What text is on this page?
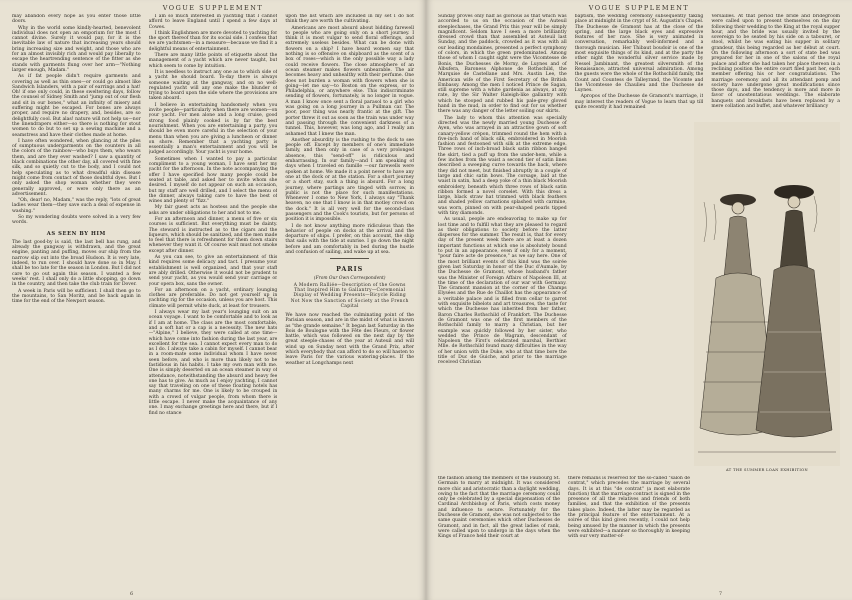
VOGUE SUPPLEMENT

may abandon every hope as you enter those little doors.

Why in the world some kindly-hearted, benevolent individual does not open an emporium for the most I cannot divine. Surely it would pay, for it is the inevitable law of nature that increasing years should bring increasing size and weight, and those who are for an almost invisibly rich and would pay liberally to escape the heartrending sentence of the fitter as she stands with garments flung over her arm—"Nothing larger enough, Madam."

As if fat people didn't require garments and covering as well as thin ones—or could go almost like Sandwich Islanders, with a pair of earrings and a hat! Oh! if one only could, in these sweltering days, follow the counsel of Sidney Smith and "jump out of our flesh and sit in our bones," what an infinity of misery and suffering might be escaped. For bones are always proper, and require no drapery, and, besides, are so delightfully cool. But alas! nature will not help us—nor the linendrapers either—so there is nothing for stout women to do but to set up a sewing machine and a seamstress and have their clothes made at home.

I have often wondered, when glancing at the piles of sumptuous undergarments on the counters in all the colors of the rainbow—who buys them, who wears them, and are they ever washed? I saw a quantity of black combinations the other day, all covered with fine silk, and so quietly cut to the body, and I could not help speculating as to what dreadful skin disease might come from contact of those doubtful dyes. But I only asked the shop woman whether they were generally approved, or were only there as an advertisement.

"Oh, dear! no, Madam," was the reply, "lots of great ladies wear them—they save such a deal of expense in washing."

So my wondering doubts were solved in a very few words.

AS SEEN BY HIM

The last good-by is said, the last bell has rung, and already the gangway is withdrawn, and the great engine, panting and puffing, moves our ship from the narrow slip out into the broad Hudson. It is very late, indeed, to run over. I should have done so in May. I shall be too late for the season in London. But I did not care to go out again this season. I wanted a few weeks' rest. I shall only do a little shopping, go down in the country, and then take the club train for Dover.

A week in Paris will be sufficient. I shall then go to the mountains, to San Moritz, and be back again in time for the end of the Newport season.

I am so much interested in yachting that I cannot afford to leave England until I spend a few days at Cowes.

I think Englishmen are more devoted to yachting for the sport thereof than for its social side. I confess that we are yachtsmen—in a measure—because we find it a delightful means of entertainment.

There are many little points of etiquette about the management of a yacht which are never taught, but which seem to come by intuition.

It is needless to instruct any one as to which side of a yacht he should board. To-day there is always someone waiting at the gangway, and on no well-regulated yacht will any one make the blunder of trying to board upon the side where the provisions are taken aboard.

I believe in entertaining handsomely when you invite people—particularly when there are women—on your yacht. For men alone and a long cruise, good strong food plainly cooked is by far the best nourishment. When you are entertaining a party, you should be even more careful in the selection of your menu than when you are giving a luncheon or dinner on shore. Remember that a yachting party is essentially a man's entertainment and you will be judged accordingly. Your yacht is your home.

Sometimes when I wanted to pay a particular compliment to a young woman, I have sent her my yacht for the afternoon. In the note accompanying the offer I have specified how many people could be seated at table, and asked her to invite whom she desired. I myself do not appear on such an occasion, but my staff are well drilled, and I select the menu of the dinner, always taking care to have the best of wines and plenty of "fizz."

My fair guest acts as hostess and the people she asks are under obligations to her and not to me.

For an afternoon and dinner, a menu of five or six courses is sufficient. But everything must be dainty. The steward is instructed as to the cigars and the liqueurs, which should be sanitized, and the men made to feel that there is refreshment for them down stairs whenever they want it. Of course wait must not smoke except after dinner.

As you can see, to give an entertainment of this kind requires some delicacy and tact. I presume your establishment is well organized, and that your staff are ably drilled. Otherwise it would not be prudent to send your yacht, as you would send your carriage or your opera box, sans the owner.

For an afternoon on a yacht, ordinary lounging clothes are preferable. Do not get yourself up in yachting rig for the occasion, unless you are host. This climate will permit white duck, at least for trousers.

I always wear my last year's lounging suit on an ocean voyage. I want to be comfortable and to look as if I am at home. The class are the most comfortable, and a soft hat or a cap is a necessity. The new hats—"Alpine," I believe, they were called at one time—which have come into fashion during the last year, are excellent for the sea. I cannot expect every man to do as I do. I always take a cabin for myself. I cannot bear in a room-mate some individual whom I have never seen before, and who is more than likely not to be fastidious in his habits. I take my own man with me. One is simply deserted on an ocean steamer in way of attendance, notwithstanding the absurd and heavy fee one has to give. As much as I enjoy yachting, I cannot say that traveling on one of these floating hotels has many charms for me. One is likely to be crouped in with a crowd of vulgar people, from whom there is little escape. I never make the acquaintance of any one. I may exchange greetings here and there, but if I find no stance

upon the list which are included in my set I do not think they are worth the cultivating.

Americans are most absurd about bidding farewell to people who are going only on a short journey. I think it is most vulgar to send floral offerings, and extremely useless besides. What can be done with flowers on a ship? I have heard women say that nothing is so offensive on shipboard as the scent of a box of roses—which is the only possible way a lady could receive flowers. The close atmosphere of an ocean steamer makes flowers unbearable. The air becomes heavy and unhealthy with their perfume. One does not burden a woman with flowers when she is going—let me say—to Boston on the express, or to Philadelphia, or anywhere else. This indiscriminate sending of flowers, fortunately, is no longer in vogue. A man I know once sent a floral parasol to a girl who was going on a long journey in a Pullman car. The poor, poor thing was nearly frantic at the gift. The porter threw it out as soon as the train was under way and passing through the convenient darkness of a tunnel. This, however, was long ago, and I really am ashamed that I knew the man.

Another absurdity is the rushing to the dock to see people off. Except by members of one's immediate family, and then only in case of a very prolonged absence, this "send-off" is ridiculous and embarrassing. In our family—and I am speaking of days when I traveled en famille —our farewells were spoken at home. We made it a point never to have any one at the dock or at the station. For a short journey or a short stay, such a thing is absurd. For a long journey, where partings are tinged with sorrow, in public is not the place for such manifestations. Whenever I come to New York, I always say "Thank heaven, no one that I know is in that motley crowd on the dock." It is all very well for the second-class passengers and the Cook's tourists, but for persons of position it is impossible.

I do not know anything more ridiculous than the behavior of people on docks at the arrival and the departure of ships. I prefer, on this account, the ship that sails with the tide at sunrise. I go down the night before and am comfortably in bed during the hustle and confusion of sailing, and wake up at sea.

PARIS
(From Our Own Correspondent)
A Modern Ralliée—Description of the Gowns That Inspired Him to Gallantry—Ceremonial Display of Wedding Presents—Bicycle Riding Not Now the Sanction of Society at the French Capital

We have now reached the culminating point of the Parisian season, and are in the midst of what is known as "the grande semaine." It began last Saturday in the Bois de Boulogne with the Fête des Fleurs, or flower battle, which was followed on the next day by the great steeple-chases of the year at Auteuil and will wind up on Sunday next with the Grand Prix, after which everybody that can afford to do so will hasten to leave Paris for the various watering-places. If the weather at Longchamps next

6
VOGUE SUPPLEMENT

Sunday proves only half as glorious as that which was accorded to us on the occasion of the Auteuil steeplechases, the Grand Prix this year will be simply magnificent. Seldom have I seen a more brilliantly dressed crowd than that assembled at Auteuil last Sunday, and the paddock, crowded as it was with all our leading mondaines, presented a perfect symphony of colors, in which the green predominated. Among those of whom I caught sight were the Vicomtesse de Bonis, the Duchesses de Morny, de Luynes and of Albufera, Baroness Alphonse de Rothschild, the Marquise de Castellane and Mrs. Austin Lee, the American wife of the First Secretary of the British Embassy. Among the men I noticed Prince de Sagan, still supreme with a white gardenia as always, at any rate, by the Sir Walter Raleigh-like gallantry with which he stooped and rubbed his pale-grey gloved hand in the mud, in order to find out for us whether there was any danger of the letter soiling our skirts.

The lady to whom this attention was specially directed was the newly married young Duchesse of Ayen, who was arrayed in an attractive gown of soft canary-yellow crépon, trimmed round the hem with a five-inch band of black silk, embroidered in Moorish fashion and festooned with silk at the extreme edge. Three rows of inch-broad black satin ribbon banged the skirt, tied a puff up from the under-hem, while a few inches from the waist a second tier of satin lines described a sweeping curve towards the back, where they did not meet, but finished abruptly in a couple of large and chic satin bows. The corsage, laid at the waist in satin, had a deep yoke of a thin black Moorish embroidery, beneath which three rows of black satin ribbon formed a novel corselet. With this dress a large, black straw hat trimmed with black feathers and shaded yellow carnations splashed with carmine, was worn, pinned on with pear-shaped pearls tipped with tiny diamonds.

As usual, people are endeavoring to make up for lost time and to fulfill what they are pleased to regard as their obligations to society before the latter disperses for the summer. The result is, that for every day of the present week there are at least a dozen important functions at which one is absolutely bound to put in an appearance, even if only for a moment, "pour faire acte de presence," as we say here. One of the most brilliant events of this kind was the soirée given last Saturday in honor of the Duc d'Aumale, by the Duchesse de Gramont, whose husband's father was the Minister of Foreign Affairs of Napoleon III, at the time of the declaration of our war with Germany. The Gramont mansion at the corner of the Champs Elysées and the Rue de Chaillot has the appearance of a veritable palace and is filled from cellar to garret with exquisite bibelots and art treasures, the taste for which the Duchesse has inherited from her father, Baron Charles Rothschild of Frankfort. The Duchesse de Gramont was one of the first members of the Rothschild family to marry a Christian, but her example was quickly followed by her sister, who wedded the Prince de Wagram, descendant of Napoleon the First's celebrated marshal, Berthier. Mlle. de Rothschild found many difficulties in the way of her union with the Duke, who at that time bore the title of Duc de Guiche, and prior to the marriage received Christian

baptism, the wedding ceremony subsequently taking place at midnight in the crypt of St. Augustin's Chapel. The Duchesse de Gramont has at the close of the spring, and the large black eyes and expressive features of her race. She is very animated in conversation, remarkably well-informed and a thorough musician. Her Thibaut boudoir is one of the most exquisite things of its kind, and at the party the other night the wonderful silver service made by Nessel Jambinant, the greatest silversmith of the Renaissance, attracted universal admiration. Among the guests were the whole of the Rothschild family, the Count and Countess de Talleyrand, the Vicomte and the Vicomtesse de Chaulieu and the Duchesse de Luynes.

Apropos of the Duchesse de Gramont's marriage, it may interest the readers of Vogue to learn that up till quite recently it had remained

Versailles. At that period the bride and bridegroom were called upon to present themselves on the day following their wedding to the King at the royal supper hour, and the bride was usually invited by the sovereign to be seated by his side on a tabouret, or stool, whilst he was eating his supper in solitary grandeur, this being regarded as her début at court. On the following afternoon a sort of state bed was prepared for her in one of the salons of the royal palace and after she had taken her place thereon in a reclining position the entire court filed past her, each member offering his or her congratulations. The marriage ceremony and all its attendant pomp and society have undergone great modifications since those days, and the tendency is more and more in favor of unostentatious weddings. The elaborate banquets and breakfasts have been replaced by a mere collation and buffet, and whatever brilliancy

AT THE SUMMER LOAN EXHIBITION

the fashion among the members of the Faubourg St. Germain to marry at midnight. It was considered more chic and aristocratic than a daylight wedding, owing to the fact that the marriage ceremony could only be celebrated by a special dispensation of the Cardinal Archbishop of Paris, which costs money and influence to secure. Fortunately for the Duchesse de Gramont, she was not subjected to the same quaint ceremonies which other Duchesses de Gramont, and in fact, all the great ladies of rank, were called upon to undergo in the days when the Kings of France held their court at

there remains is reserved for the so-called "salon de contrat," which precedes the marriage by several days. It is at this "de contrat" (a most elaborate function) that the marriage contract is signed in the presence of all the relatives and friends of both families, and that the exhibition of the presents takes place. Indeed, the latter may be regarded as the principal feature of the entertainment. At a soirée of this kind given recently, I could not help being amused by the manner in which the presents were exhibited—a manner so thoroughly in keeping with our very matter-of-

7
